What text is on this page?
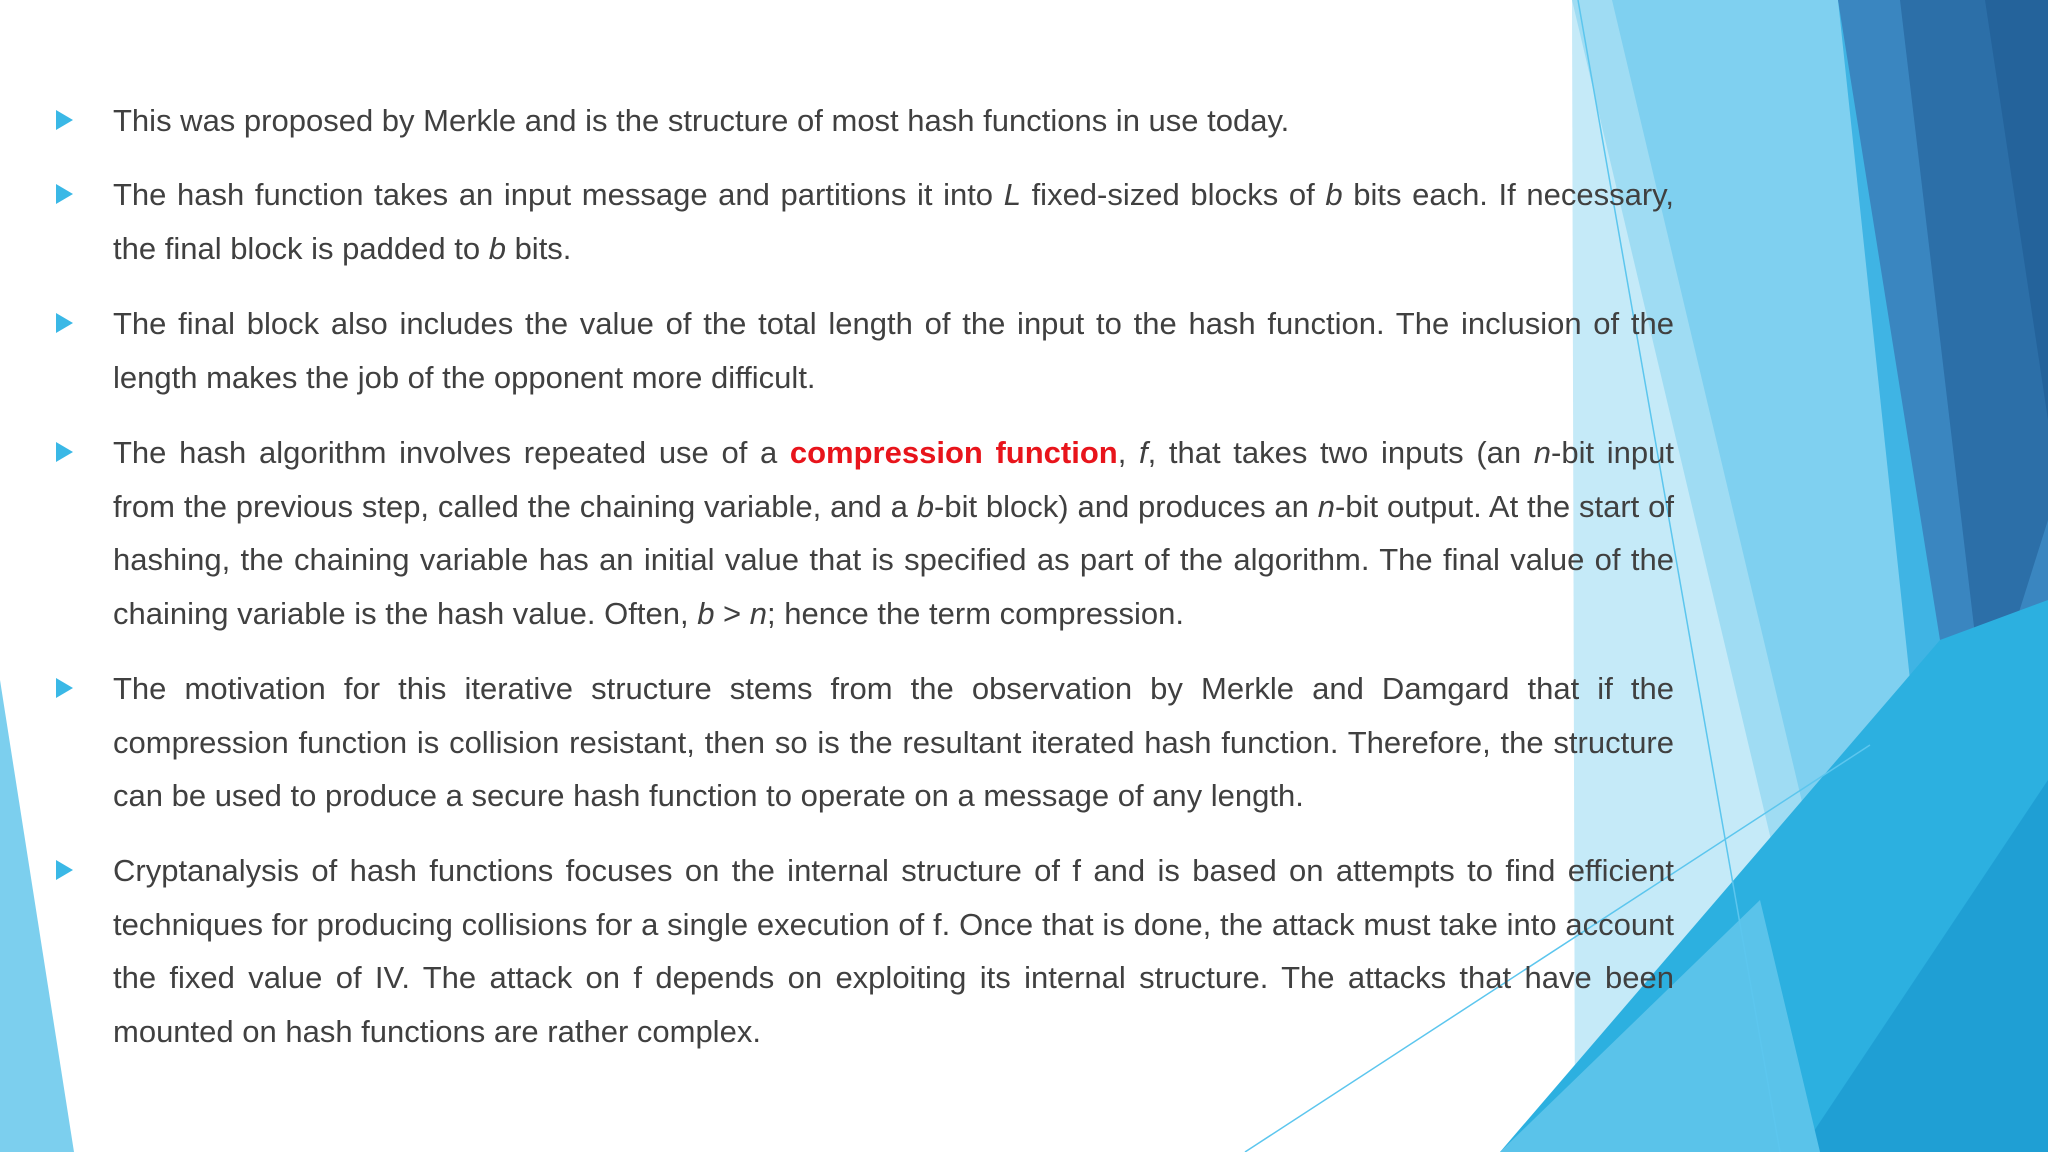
This was proposed by Merkle and is the structure of most hash functions in use today.

The hash function takes an input message and partitions it into L fixed-sized blocks of b bits each. If necessary, the final block is padded to b bits.

The final block also includes the value of the total length of the input to the hash function. The inclusion of the length makes the job of the opponent more difficult.

The hash algorithm involves repeated use of a compression function, f, that takes two inputs (an n-bit input from the previous step, called the chaining variable, and a b-bit block) and produces an n-bit output. At the start of hashing, the chaining variable has an initial value that is specified as part of the algorithm. The final value of the chaining variable is the hash value. Often, b > n; hence the term compression.

The motivation for this iterative structure stems from the observation by Merkle and Damgard that if the compression function is collision resistant, then so is the resultant iterated hash function. Therefore, the structure can be used to produce a secure hash function to operate on a message of any length.

Cryptanalysis of hash functions focuses on the internal structure of f and is based on attempts to find efficient techniques for producing collisions for a single execution of f. Once that is done, the attack must take into account the fixed value of IV. The attack on f depends on exploiting its internal structure. The attacks that have been mounted on hash functions are rather complex.
